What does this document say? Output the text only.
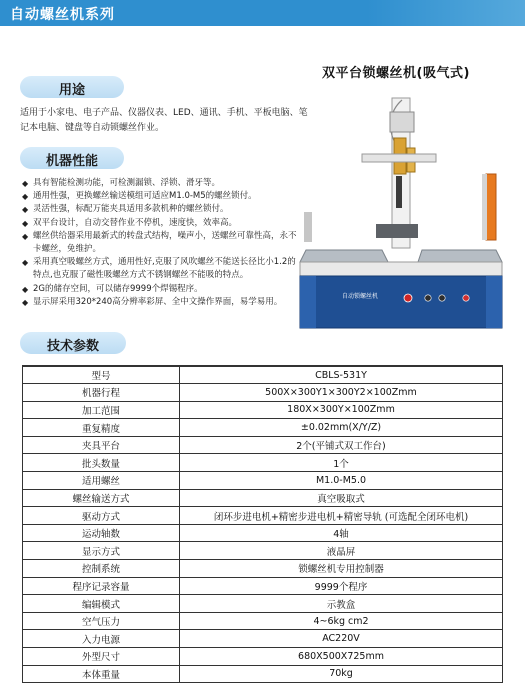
自动螺丝机系列
用途
双平台锁螺丝机(吸气式)
适用于小家电、电子产品、仪器仪表、LED、通讯、手机、平板电脑、笔记本电脑、键盘等自动锁螺丝作业。
机器性能
◆ 具有智能检测功能，可检测漏锁、浮锁、滑牙等。
◆ 通用性强，更换螺丝输送模组可适应M1.0-M5的螺丝锁付。
◆ 灵活性强，标配万能夹具适用多款机种的螺丝锁付。
◆ 双平台设计，自动交替作业不停机，速度快，效率高。
◆ 螺丝供给器采用最新式的转盘式结构，噪声小，送螺丝可靠性高，永不卡螺丝，免维护。
◆ 采用真空吸螺丝方式，通用性好,克服了风吹螺丝不能送长径比小1.2的特点,也克服了磁性吸螺丝方式不锈钢螺丝不能吸的特点。
◆ 2G的储存空间，可以储存9999个焊锡程序。
◆ 显示屏采用320*240高分辨率彩屏、全中文操作界面，易学易用。
自动锁螺丝机
技术参数
型号	CBLS-531Y
机器行程	500X×300Y1×300Y2×100Zmm
加工范围	180X×300Y×100Zmm
重复精度	±0.02mm(X/Y/Z)
夹具平台	2个(平铺式双工作台)
批头数量	1个
适用螺丝	M1.0-M5.0
螺丝输送方式	真空吸取式
驱动方式	闭环步进电机+精密步进电机+精密导轨 (可选配全闭环电机)
运动轴数	4轴
显示方式	液晶屏
控制系统	锁螺丝机专用控制器
程序记录容量	9999个程序
编辑模式	示教盒
空气压力	4~6kg cm2
入力电源	AC220V
外型尺寸	680X500X725mm
本体重量	70kg
